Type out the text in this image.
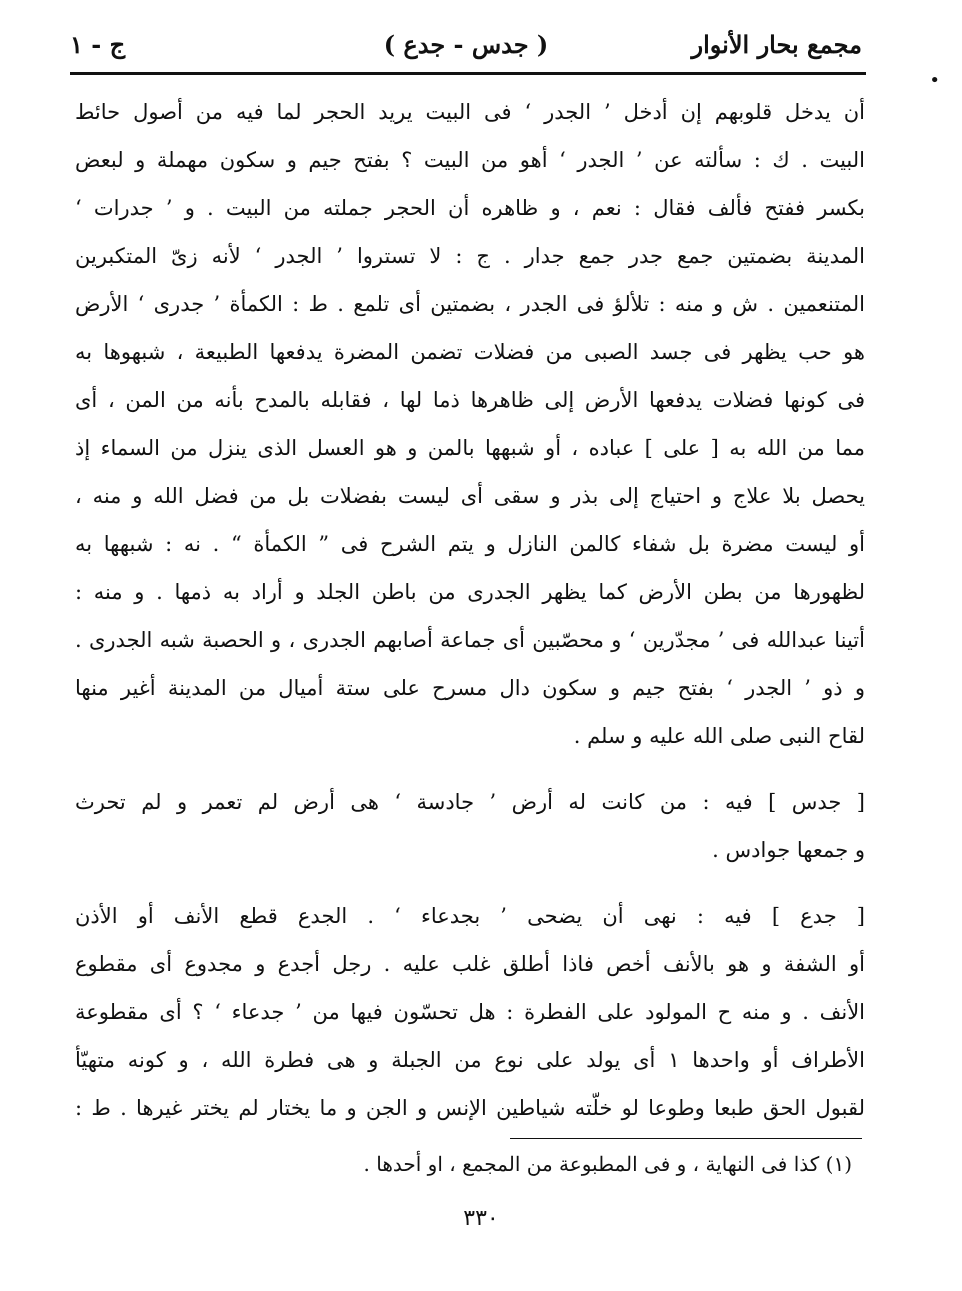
مجمع بحار الأنوار
( جدس - جدع )
ج - ١
•
أن يدخل قلوبهم إن أدخل ’ الجدر ‘ فى البيت يريد الحجر لما فيه من أصول حائط
البيت . ك : سألته عن ’ الجدر ‘ أهو من البيت ؟ بفتح جيم و سكون مهملة و لبعض
بكسر ففتح فألف فقال : نعم ، و ظاهره أن الحجر جملته من البيت . و ’ جدرات ‘
المدينة بضمتين جمع جدر جمع جدار . ج : لا تستروا ’ الجدر ‘ لأنه زىّ المتكبرين
المتنعمين . ش و منه : تلألؤ فى الجدر ، بضمتين أى تلمع . ط : الكمأة ’ جدرى ‘ الأرض
هو حب يظهر فى جسد الصبى من فضلات تضمن المضرة يدفعها الطبيعة ، شبهوها به
فى كونها فضلات يدفعها الأرض إلى ظاهرها ذما لها ، فقابله بالمدح بأنه من المن ، أى
مما من الله به [ على ] عباده ، أو شبهها بالمن و هو العسل الذى ينزل من السماء إذ
يحصل بلا علاج و احتياج إلى بذر و سقى أى ليست بفضلات بل من فضل الله و منه ،
أو ليست مضرة بل شفاء كالمن النازل و يتم الشرح فى ” الكمأة “ . نه : شبهها به
لظهورها من بطن الأرض كما يظهر الجدرى من باطن الجلد و أراد به ذمها . و منه :
أتينا عبدالله فى ’ مجدّرين ‘ و محصّبين أى جماعة أصابهم الجدرى ، و الحصبة شبه الجدرى .
و ذو ’ الجدر ‘ بفتح جيم و سكون دال مسرح على ستة أميال من المدينة أغير منها
لقاح النبى صلى الله عليه و سلم .
[ جدس ] فيه : من كانت له أرض ’ جادسة ‘ هى أرض لم تعمر و لم تحرث
و جمعها جوادس .
[ جدع ] فيه : نهى أن يضحى ’ بجدعاء ‘ . الجدع قطع الأنف أو الأذن
أو الشفة و هو بالأنف أخص فاذا أطلق غلب عليه . رجل أجدع و مجدوع أى مقطوع
الأنف . و منه ح المولود على الفطرة : هل تحسّون فيها من ’ جدعاء ‘ ؟ أى مقطوعة
الأطراف أو واحدها ١ أى يولد على نوع من الجبلة و هى فطرة الله ، و كونه متهيّأ
لقبول الحق طبعا وطوعا لو خلّته شياطين الإنس و الجن و ما يختار لم يختر غيرها . ط :
(١) كذا فى النهاية ، و فى المطبوعة من المجمع ، او أحدها .
٣٣٠
